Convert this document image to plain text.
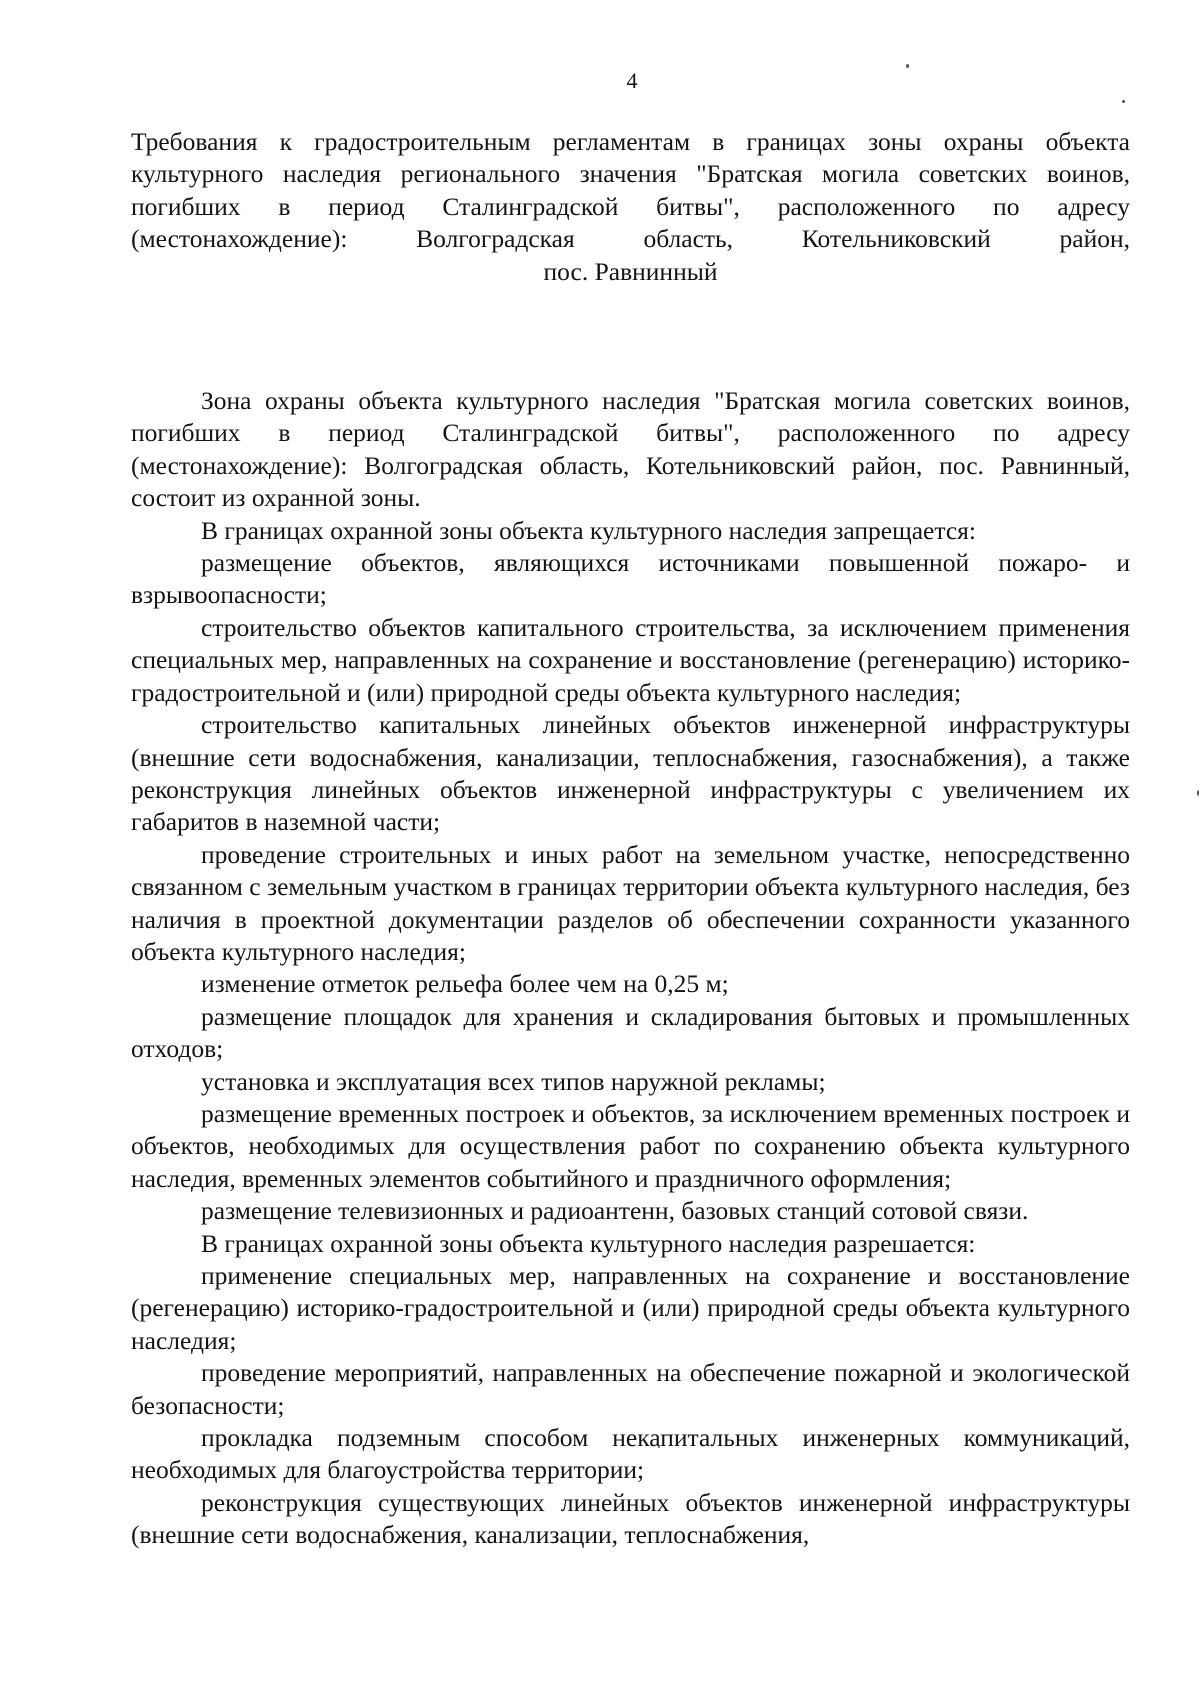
4

Требования к градостроительным регламентам в границах зоны охраны объекта

культурного наследия регионального значения "Братская могила советских воинов,

погибших в период Сталинградской битвы", расположенного по адресу

(местонахождение): Волгоградская область, Котельниковский район,

пос. Равнинный

Зона охраны объекта культурного наследия "Братская могила советских воинов, погибших в период Сталинградской битвы", расположенного по адресу (местонахождение): Волгоградская область, Котельниковский район, пос. Равнинный, состоит из охранной зоны.

В границах охранной зоны объекта культурного наследия запрещается:

размещение объектов, являющихся источниками повышенной пожаро- и взрывоопасности;

строительство объектов капитального строительства, за исключением применения специальных мер, направленных на сохранение и восстановление (регенерацию) историко-градостроительной и (или) природной среды объекта культурного наследия;

строительство капитальных линейных объектов инженерной инфраструктуры (внешние сети водоснабжения, канализации, теплоснабжения, газоснабжения), а также реконструкция линейных объектов инженерной инфраструктуры с увеличением их габаритов в наземной части;

проведение строительных и иных работ на земельном участке, непосредственно связанном с земельным участком в границах территории объекта культурного наследия, без наличия в проектной документации разделов об обеспечении сохранности указанного объекта культурного наследия;

изменение отметок рельефа более чем на 0,25 м;

размещение площадок для хранения и складирования бытовых и промышленных отходов;

установка и эксплуатация всех типов наружной рекламы;

размещение временных построек и объектов, за исключением временных построек и объектов, необходимых для осуществления работ по сохранению объекта культурного наследия, временных элементов событийного и праздничного оформления;

размещение телевизионных и радиоантенн, базовых станций сотовой связи.

В границах охранной зоны объекта культурного наследия разрешается:

применение специальных мер, направленных на сохранение и восстановление (регенерацию) историко-градостроительной и (или) природной среды объекта культурного наследия;

проведение мероприятий, направленных на обеспечение пожарной и экологической безопасности;

прокладка подземным способом некапитальных инженерных коммуникаций, необходимых для благоустройства территории;

реконструкция существующих линейных объектов инженерной инфраструктуры (внешние сети водоснабжения, канализации, теплоснабжения,
